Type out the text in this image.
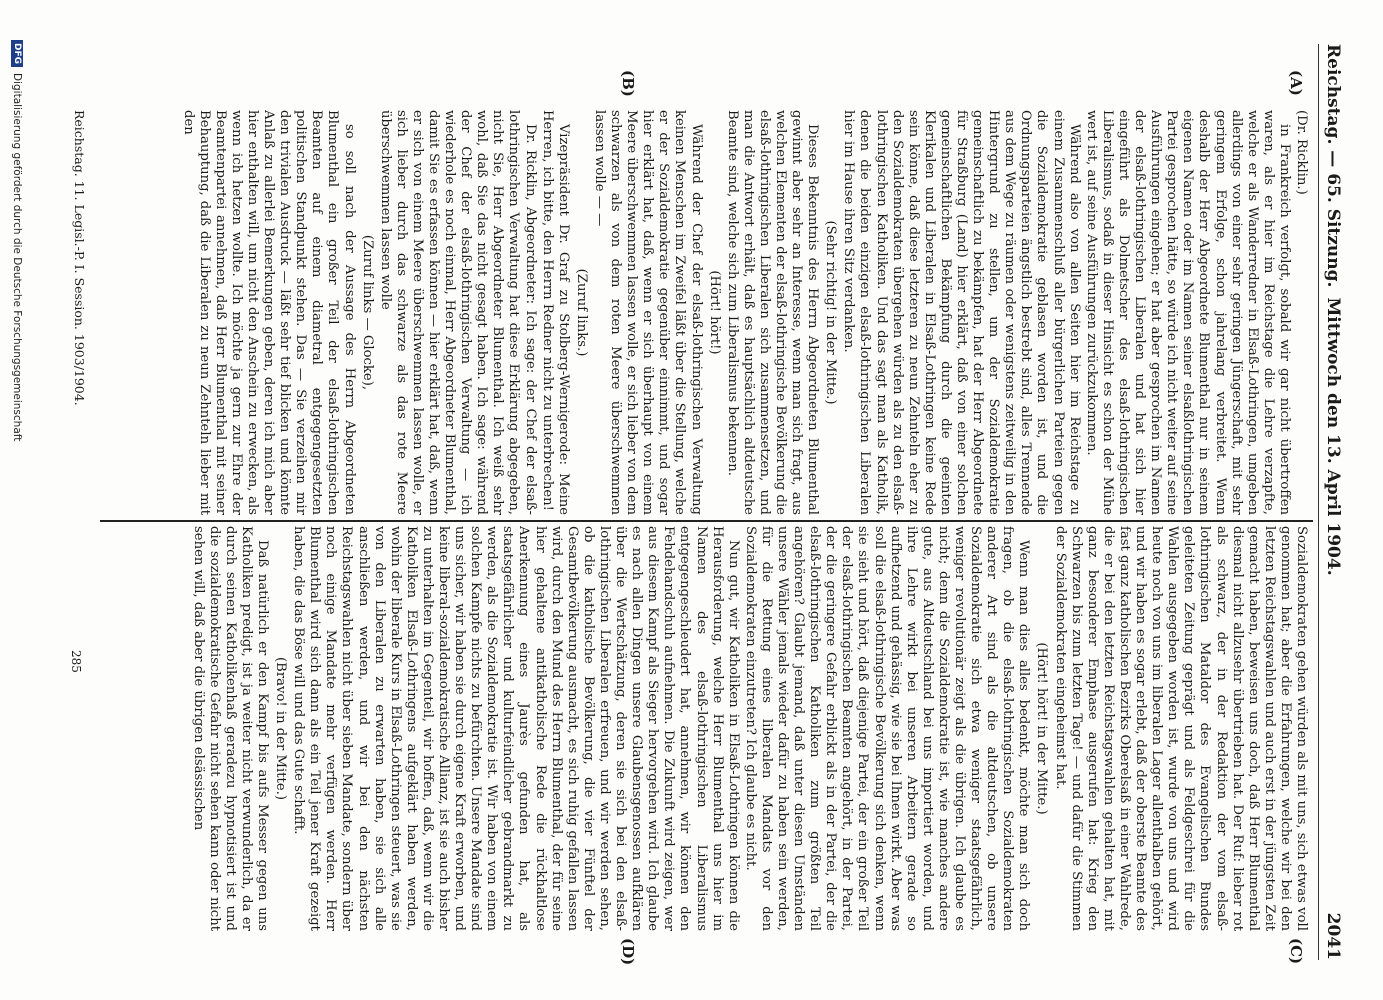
Reichstag. — 65. Sitzung.
Mittwoch den 13. April 1904.
2041
(A)
(B)
(C)
(D)

(Dr. Ricklin.)

in Frankreich verfolgt, sobald wir gar nicht übertroffen waren, als er hier im Reichstage die Lehre verzapfte, welche er als Wanderredner in Elsaß-Lothringen, umgeben allerdings von einer sehr geringen Jüngerschaft, mit sehr geringem Erfolge, schon jahrelang verbreitet. Wenn deshalb der Herr Abgeordnete Blumenthal nur in seinem eigenen Namen oder im Namen seiner elsaßlothringischen Partei gesprochen hätte, so würde ich nicht weiter auf seine Ausführungen eingehen; er hat aber gesprochen im Namen der elsaß-lothringischen Liberalen und hat sich hier eingeführt als Dolmetscher des elsaß-lothringischen Liberalismus, sodaß in dieser Hinsicht es schon der Mühe wert ist, auf seine Ausführungen zurückzukommen.

Während also von allen Seiten hier im Reichstage zu einem Zusammenschluß aller bürgerlichen Parteien gegen die Sozialdemokratie geblasen worden ist, und die Ordnungsparteien ängstlich bestrebt sind, alles Trennende aus dem Wege zu räumen oder wenigstens zeitweilig in den Hintergrund zu stellen, um der Sozialdemokratie gemeinschaftlich zu bekämpfen, hat der Herr Abgeordnete für Straßburg (Land) hier erklärt, daß von einer solchen gemeinschaftlichen Bekämpfung durch die geeinten Klerikalen und Liberalen in Elsaß-Lothringen keine Rede sein könne, daß diese letzteren zu neun Zehnteln eher zu den Sozialdemokraten übergehen würden als zu den elsaß-lothringischen Katholiken. Und das sagt man als Katholik, denen die beiden einzigen elsaß-lothringischen Liberalen hier im Hause ihren Sitz verdanken.

(Sehr richtig! in der Mitte.)

Dieses Bekenntnis des Herrn Abgeordneten Blumenthal gewinnt aber sehr an Interesse, wenn man sich fragt, aus welchen Elementen der elsaß-lothringische Bevölkerung die elsaß-lothringischen Liberalen sich zusammensetzen, und man die Antwort erhält, daß es hauptsächlich altdeutsche Beamte sind, welche sich zum Liberalismus bekennen.

(Hört! hört!)

Während der Chef der elsaß-lothringischen Verwaltung keinen Menschen im Zweifel läßt über die Stellung, welche er der Sozialdemokratie gegenüber einnimmt, und sogar hier erklärt hat, daß, wenn er sich überhaupt von einem Meere überschwemmen lassen wolle, er sich lieber von dem schwarzen als von dem roten Meere überschwemmen lassen wolle — —

(Zuruf links.)

Vizepräsident Dr. Graf zu Stolberg-Wernigerode: Meine Herren, ich bitte, den Herrn Redner nicht zu unterbrechen!

Dr. Ricklin, Abgeordneter: Ich sage: der Chef der elsaß-lothringischen Verwaltung hat diese Erklärung abgegeben, nicht Sie, Herr Abgeordneter Blumenthal. Ich weiß sehr wohl, daß Sie das nicht gesagt haben. Ich sage: während der Chef der elsaß-lothringischen Verwaltung — ich wiederhole es noch einmal, Herr Abgeordneter Blumenthal, damit Sie es erfassen können — hier erklärt hat, daß, wenn er sich von einem Meere überschwemmen lassen wolle, er sich lieber durch das schwarze als das rote Meere überschwemmen lassen wolle

(Zuruf links — Glocke),

so soll nach der Aussage des Herrn Abgeordneten Blumenthal ein großer Teil der elsaß-lothringischen Beamten auf einem diametral entgegengesetzten politischen Standpunkt stehen. Das — Sie verzeihen mir den trivialen Ausdruck — läßt sehr tief blicken und könnte Anlaß zu allerlei Bemerkungen geben, deren ich mich aber hier enthalten will, um nicht den Anschein zu erwecken, als wenn ich hetzen wollte. Ich möchte ja gern zur Ehre der Beamtenpartei annehmen, daß Herr Blumenthal mit seiner Behauptung, daß die Liberalen zu neun Zehnteln lieber mit den

Sozialdemokraten gehen würden als mit uns, sich etwas voll genommen hat; aber die Erfahrungen, welche wir bei den letzten Reichstagswahlen und auch erst in der jüngsten Zeit gemacht haben, beweisen uns doch, daß Herr Blumenthal diesmal nicht allzusehr übertrieben hat. Der Ruf: lieber rot als schwarz, der in der Redaktion der vom elsaß-lothringischen Mataldor des Evangelischen Bundes geleiteten Zeitung geprägt und als Feldgeschrei für die Wahlen ausgegeben worden ist, wurde von uns und wird heute noch von uns im liberalen Lager allenthalben gehört, und wir haben es sogar erlebt, daß der oberste Beamte des fast ganz katholischen Bezirks Oberelsaß in einer Wahlrede, die er bei den letzten Reichstagswahlen gehalten hat, mit ganz besonderer Emphase ausgerufen hat: Krieg den Schwarzen bis zum letzten Tage! — und dafür die Stimmen der Sozialdemokraten eingeheimst hat.

(Hört! hört! in der Mitte.)

Wenn man dies alles bedenkt, möchte man sich doch fragen, ob die elsaß-lothringischen Sozialdemokraten anderer Art sind als die altdeutschen, ob unsere Sozialdemokratie sich etwa weniger staatsgefährlich, weniger revolutionär zeigt als die übrigen. Ich glaube es nicht; denn die Sozialdemokratie ist, wie manches andere gute, aus Altdeutschland bei uns importiert worden, und ihre Lehre wirkt bei unseren Arbeitern gerade so aufhetzend und gehässig, wie sie bei Ihnen wirkt. Aber was soll die elsaß-lothringische Bevölkerung sich denken, wenn sie sieht und hört, daß diejenige Partei, der ein großer Teil der elsaß-lothringischen Beamten angehört, in der Partei, der die geringere Gefahr erblickt als in der Partei, der die elsaß-lothringischen Katholiken zum größten Teil angehören? Glaubt jemand, daß unter diesen Umständen unsere Wähler jemals wieder dafür zu haben sein werden, für die Rettung eines liberalen Mandats vor den Sozialdemokraten einzutreten? Ich glaube es nicht.

Nun gut, wir Katholiken in Elsaß-Lothringen können die Herausforderung, welche Herr Blumenthal uns hier im Namen des elsaß-lothringischen Liberalismus entgegengeschleudert hat, annehmen, wir können den Fehdehandschuh aufnehmen. Die Zukunft wird zeigen, wer aus diesem Kampf als Sieger hervorgehen wird. Ich glaube es nach allen Dingen unsere Glaubensgenossen aufklären über die Wertschätzung, deren sie sich bei den elsaß-lothringischen Liberalen erfreuen, und wir werden sehen, ob die katholische Bevölkerung, die vier Fünftel der Gesamtbevölkerung ausmacht, es sich ruhig gefallen lassen wird, durch den Mund des Herrn Blumenthal, der für seine hier gehaltene antikatholische Rede die rückhaltlose Anerkennung eines Jaurès gefunden hat, als staatsgefährlicher und kulturfeindlicher gebrandmarkt zu werden, als die Sozialdemokratie ist. Wir haben von einem solchen Kampfe nichts zu befürchten. Unsere Mandate sind uns sicher, wir haben sie durch eigene Kraft erworben, und keine liberal-sozialdemokratische Allianz, ist sie auch bisher zu unterhalten im Gegenteil, wir hoffen, daß, wenn wir die Katholiken Elsaß-Lothringens aufgeklärt haben werden, wohin der liberale Kurs in Elsaß-Lothringen steuert, was sie von den Liberalen zu erwarten haben, sie sich alle anschließen werden, und wir bei den nächsten Reichstagswahlen nicht über sieben Mandate, sondern über noch einige Mandate mehr verfügen werden. Herr Blumenthal wird sich dann als ein Teil jener Kraft gezeigt haben, die das Böse will und das Gute schafft.

(Bravo! in der Mitte.)

Daß natürlich er den Kampf bis aufs Messer gegen uns Katholiken predigt, ist ja weiter nicht verwunderlich, da er durch seinen Katholikenhaß geradezu hypnotisiert ist und die sozialdemokratische Gefahr nicht sehen kann oder nicht sehen will, daß aber die übrigen elsässischen

Reichstag. 11. Legisl.-P. I. Session. 1903/1904.
285
DFG
Digitalisierung gefördert durch die Deutsche Forschungsgemeinschaft
